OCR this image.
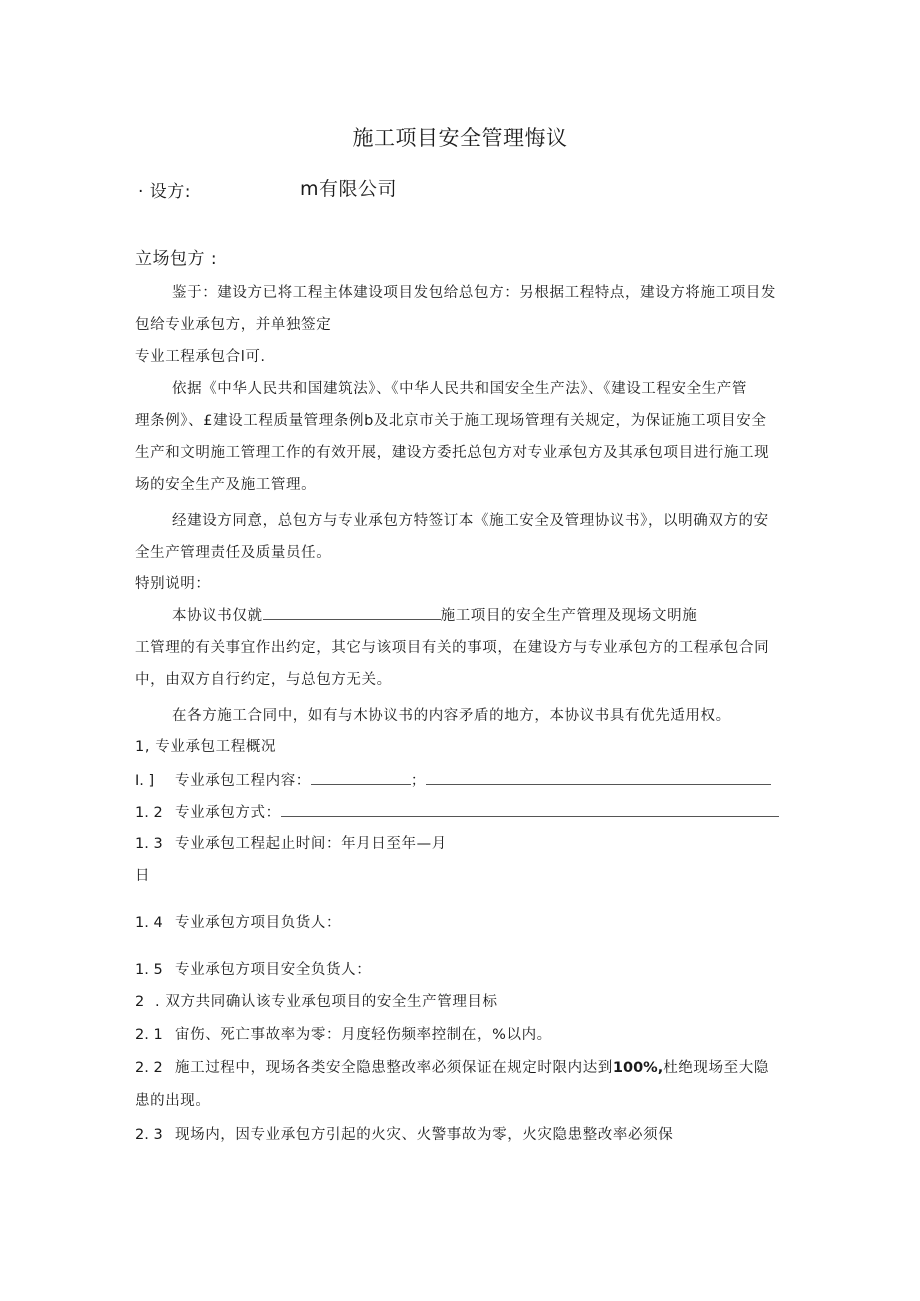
施工项目安全管理悔议
· 设方:	m有限公司
立场包方 :
鉴于：建设方已将工程主体建设项目发包给总包方：另根据工程特点，建设方将施工项目发
包给专业承包方，并单独签定
专业工程承包合l可.
依据《中华人民共和国建筑法》、《中华人民共和国安全生产法》、《建设工程安全生产管
理条例》、£建设工程质量管理条例b及北京市关于施工现场管理有关规定，为保证施工项目安全
生产和文明施工管理工作的有效开展，建设方委托总包方对专业承包方及其承包项目进行施工现
场的安全生产及施工管理。
经建设方同意，总包方与专业承包方特签订本《施工安全及管理协议书》，以明确双方的安
全生产管理责任及质量员任。
特别说明：
本协议书仅就	施工项目的安全生产管理及现场文明施
工管理的有关事宜作出约定，其它与该项目有关的事项，在建设方与专业承包方的工程承包合同
中，由双方自行约定，与总包方无关。
在各方施工合同中，如有与木协议书的内容矛盾的地方，本协议书具有优先适用权。
1, 专业承包工程概况
I. ] 专业承包工程内容：	；
1. 2 专业承包方式：
1. 3 专业承包工程起止时间：年月日至年—月
日
1. 4 专业承包方项目负货人：
1. 5 专业承包方项目安全负货人：
2 . 双方共同确认该专业承包项目的安全生产管理目标
2. 1 宙伤、死亡事故率为零：月度轻伤频率控制在，%以内。
2. 2 施工过程中，现场各类安全隐患整改率必须保证在规定时限内达到100%,杜绝现场至大隐
患的出现。
2. 3 现场内，因专业承包方引起的火灾、火警事故为零，火灾隐患整改率必须保
